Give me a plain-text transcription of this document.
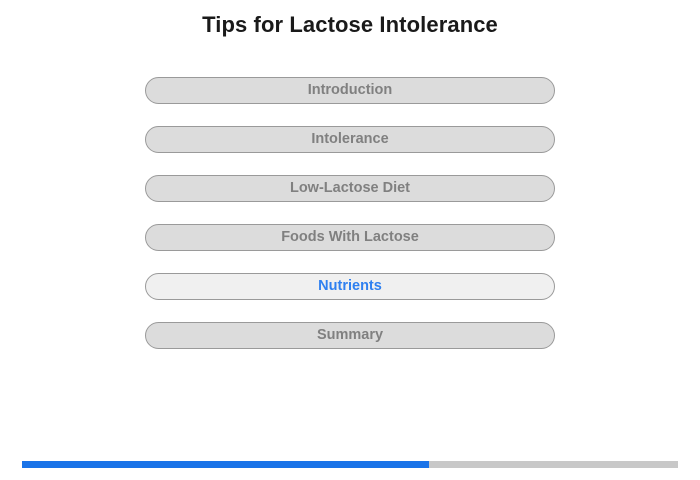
Tips for Lactose Intolerance
Introduction
Intolerance
Low-Lactose Diet
Foods With Lactose
Nutrients
Summary
